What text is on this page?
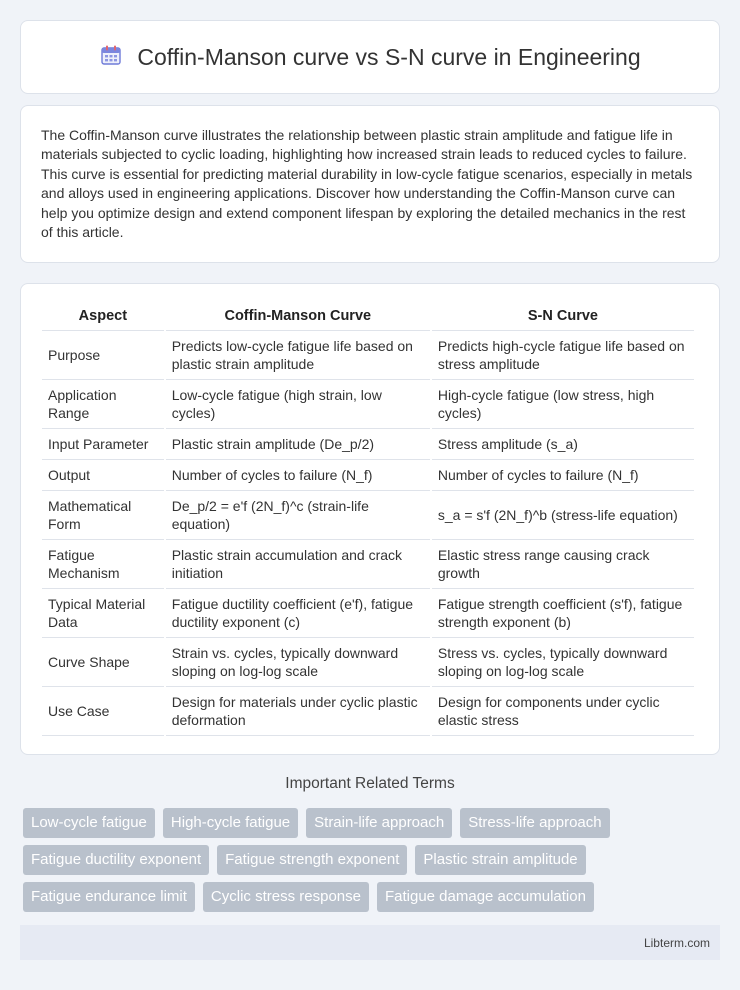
Coffin-Manson curve vs S-N curve in Engineering

The Coffin-Manson curve illustrates the relationship between plastic strain amplitude and fatigue life in materials subjected to cyclic loading, highlighting how increased strain leads to reduced cycles to failure. This curve is essential for predicting material durability in low-cycle fatigue scenarios, especially in metals and alloys used in engineering applications. Discover how understanding the Coffin-Manson curve can help you optimize design and extend component lifespan by exploring the detailed mechanics in the rest of this article.

Aspect	Coffin-Manson Curve	S-N Curve
Purpose	Predicts low-cycle fatigue life based on plastic strain amplitude	Predicts high-cycle fatigue life based on stress amplitude
Application Range	Low-cycle fatigue (high strain, low cycles)	High-cycle fatigue (low stress, high cycles)
Input Parameter	Plastic strain amplitude (De_p/2)	Stress amplitude (s_a)
Output	Number of cycles to failure (N_f)	Number of cycles to failure (N_f)
Mathematical Form	De_p/2 = e'f (2N_f)^c (strain-life equation)	s_a = s'f (2N_f)^b (stress-life equation)
Fatigue Mechanism	Plastic strain accumulation and crack initiation	Elastic stress range causing crack growth
Typical Material Data	Fatigue ductility coefficient (e'f), fatigue ductility exponent (c)	Fatigue strength coefficient (s'f), fatigue strength exponent (b)
Curve Shape	Strain vs. cycles, typically downward sloping on log-log scale	Stress vs. cycles, typically downward sloping on log-log scale
Use Case	Design for materials under cyclic plastic deformation	Design for components under cyclic elastic stress
Important Related Terms
Low-cycle fatigue	High-cycle fatigue	Strain-life approach	Stress-life approach
Fatigue ductility exponent	Fatigue strength exponent	Plastic strain amplitude
Fatigue endurance limit	Cyclic stress response	Fatigue damage accumulation
Libterm.com
